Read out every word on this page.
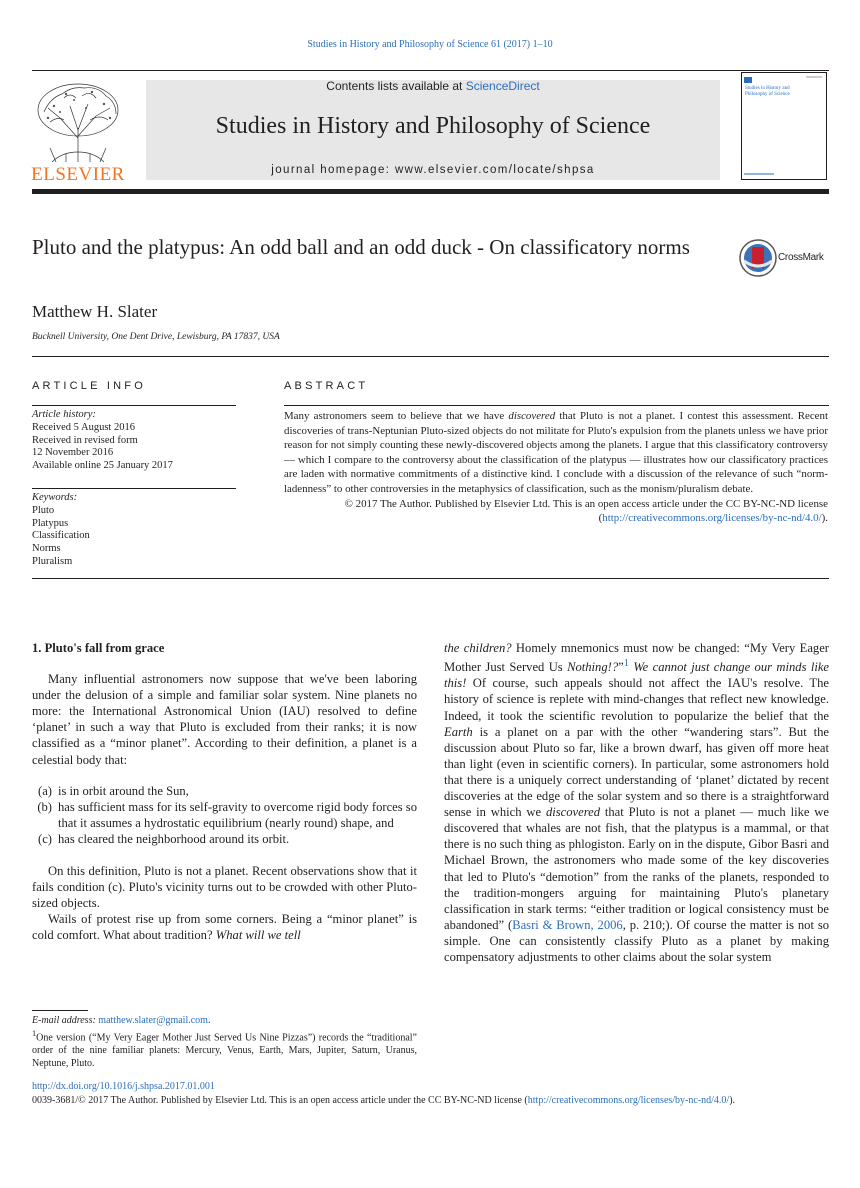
Studies in History and Philosophy of Science 61 (2017) 1–10
ELSEVIER
Contents lists available at ScienceDirect
Studies in History and Philosophy of Science
journal homepage: www.elsevier.com/locate/shpsa
Studies in History and Philosophy of Science
Pluto and the platypus: An odd ball and an odd duck - On classificatory norms	CrossMark
Matthew H. Slater
Bucknell University, One Dent Drive, Lewisburg, PA 17837, USA
ARTICLE INFO
Article history:
Received 5 August 2016
Received in revised form
12 November 2016
Available online 25 January 2017
Keywords:
Pluto
Platypus
Classification
Norms
Pluralism
ABSTRACT
Many astronomers seem to believe that we have discovered that Pluto is not a planet. I contest this assessment. Recent discoveries of trans-Neptunian Pluto-sized objects do not militate for Pluto's expulsion from the planets unless we have prior reason for not simply counting these newly-discovered objects among the planets. I argue that this classificatory controversy — which I compare to the controversy about the classification of the platypus — illustrates how our classificatory practices are laden with normative commitments of a distinctive kind. I conclude with a discussion of the relevance of such “norm-ladenness” to other controversies in the metaphysics of classification, such as the monism/pluralism debate.
© 2017 The Author. Published by Elsevier Ltd. This is an open access article under the CC BY-NC-ND license (http://creativecommons.org/licenses/by-nc-nd/4.0/).
1. Pluto's fall from grace

Many influential astronomers now suppose that we've been laboring under the delusion of a simple and familiar solar system. Nine planets no more: the International Astronomical Union (IAU) resolved to define ‘planet’ in such a way that Pluto is excluded from their ranks; it is now classified as a “minor planet”. According to their definition, a planet is a celestial body that:

(a) is in orbit around the Sun,
(b) has sufficient mass for its self-gravity to overcome rigid body forces so that it assumes a hydrostatic equilibrium (nearly round) shape, and
(c) has cleared the neighborhood around its orbit.

On this definition, Pluto is not a planet. Recent observations show that it fails condition (c). Pluto's vicinity turns out to be crowded with other Pluto-sized objects.

Wails of protest rise up from some corners. Being a “minor planet” is cold comfort. What about tradition? What will we tell

E-mail address: matthew.slater@gmail.com.
$^1$One version (“My Very Eager Mother Just Served Us Nine Pizzas”) records the “traditional” order of the nine familiar planets: Mercury, Venus, Earth, Mars, Jupiter, Saturn, Uranus, Neptune, Pluto.

the children? Homely mnemonics must now be changed: “My Very Eager Mother Just Served Us Nothing!?”$^1$ We cannot just change our minds like this! Of course, such appeals should not affect the IAU's resolve. The history of science is replete with mind-changes that reflect new knowledge. Indeed, it took the scientific revolution to popularize the belief that the Earth is a planet on a par with the other “wandering stars”. But the discussion about Pluto so far, like a brown dwarf, has given off more heat than light (even in scientific corners). In particular, some astronomers hold that there is a uniquely correct understanding of ‘planet’ dictated by recent discoveries at the edge of the solar system and so there is a straightforward sense in which we discovered that Pluto is not a planet — much like we discovered that whales are not fish, that the platypus is a mammal, or that there is no such thing as phlogiston. Early on in the dispute, Gibor Basri and Michael Brown, the astronomers who made some of the key discoveries that led to Pluto's “demotion” from the ranks of the planets, responded to the tradition-mongers arguing for maintaining Pluto's planetary classification in stark terms: “either tradition or logical consistency must be abandoned” (Basri & Brown, 2006, p. 210;). Of course the matter is not so simple. One can consistently classify Pluto as a planet by making compensatory adjustments to other claims about the solar system

http://dx.doi.org/10.1016/j.shpsa.2017.01.001
0039-3681/© 2017 The Author. Published by Elsevier Ltd. This is an open access article under the CC BY-NC-ND license (http://creativecommons.org/licenses/by-nc-nd/4.0/).
